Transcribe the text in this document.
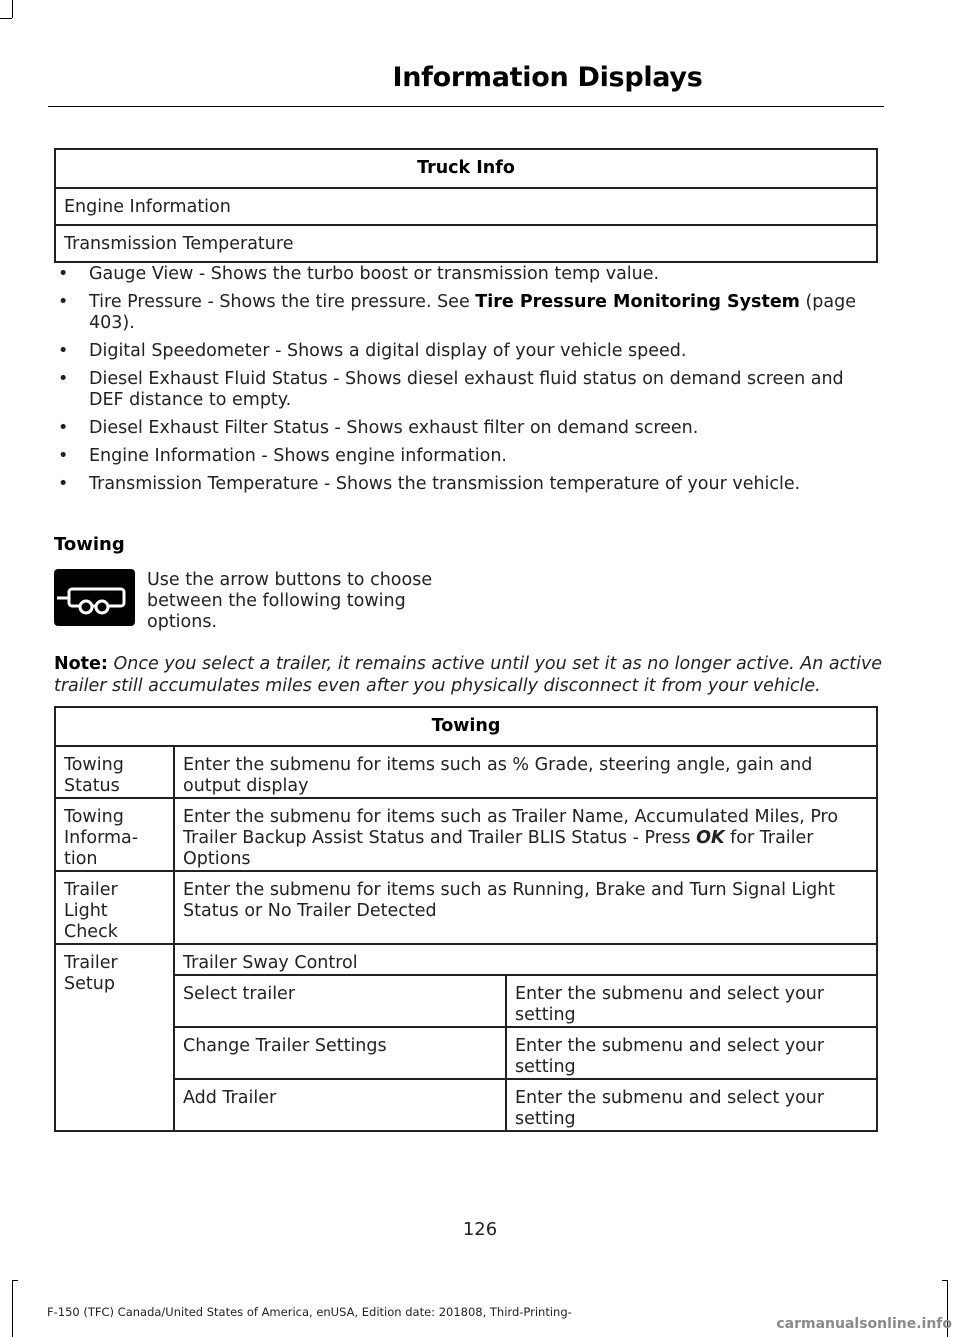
Information Displays
Truck Info
Engine Information
Transmission Temperature
• Gauge View - Shows the turbo boost or transmission temp value.
• Tire Pressure - Shows the tire pressure. See Tire Pressure Monitoring System (page 403).
• Digital Speedometer - Shows a digital display of your vehicle speed.
• Diesel Exhaust Fluid Status - Shows diesel exhaust fluid status on demand screen and DEF distance to empty.
• Diesel Exhaust Filter Status - Shows exhaust filter on demand screen.
• Engine Information - Shows engine information.
• Transmission Temperature - Shows the transmission temperature of your vehicle.
Towing
Use the arrow buttons to choose between the following towing options.
Note: Once you select a trailer, it remains active until you set it as no longer active. An active trailer still accumulates miles even after you physically disconnect it from your vehicle.
Towing		
Towing Status	Enter the submenu for items such as % Grade, steering angle, gain and output display	
Towing Informa-tion	Enter the submenu for items such as Trailer Name, Accumulated Miles, Pro Trailer Backup Assist Status and Trailer BLIS Status - Press OK for Trailer Options	
Trailer Light Check	Enter the submenu for items such as Running, Brake and Turn Signal Light Status or No Trailer Detected	
Trailer Setup	Trailer Sway Control	
	Select trailer	Enter the submenu and select your setting
	Change Trailer Settings	Enter the submenu and select your setting
	Add Trailer	Enter the submenu and select your setting
126
F-150 (TFC) Canada/United States of America, enUSA, Edition date: 201808, Third-Printing-
carmanualsonline.info
